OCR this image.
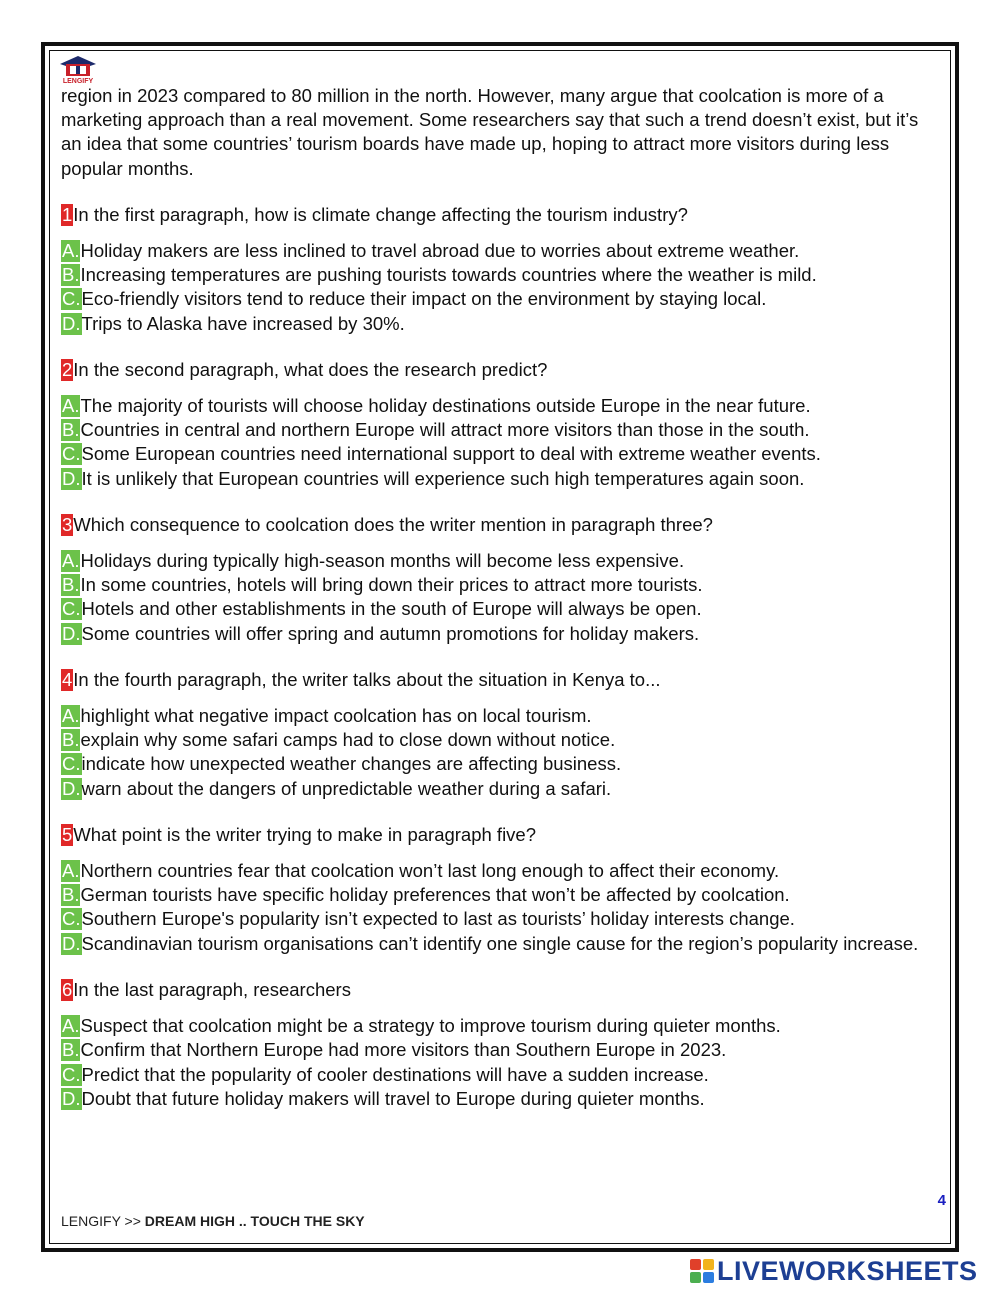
LENGIFY

region in 2023 compared to 80 million in the north. However, many argue that coolcation is more of a marketing approach than a real movement. Some researchers say that such a trend doesn’t exist, but it’s an idea that some countries’ tourism boards have made up, hoping to attract more visitors during less popular months.

1In the first paragraph, how is climate change affecting the tourism industry?

A.Holiday makers are less inclined to travel abroad due to worries about extreme weather.

B.Increasing temperatures are pushing tourists towards countries where the weather is mild.

C.Eco-friendly visitors tend to reduce their impact on the environment by staying local.

D.Trips to Alaska have increased by 30%.

2In the second paragraph, what does the research predict?

A.The majority of tourists will choose holiday destinations outside Europe in the near future.

B.Countries in central and northern Europe will attract more visitors than those in the south.

C.Some European countries need international support to deal with extreme weather events.

D.It is unlikely that European countries will experience such high temperatures again soon.

3Which consequence to coolcation does the writer mention in paragraph three?

A.Holidays during typically high-season months will become less expensive.

B.In some countries, hotels will bring down their prices to attract more tourists.

C.Hotels and other establishments in the south of Europe will always be open.

D.Some countries will offer spring and autumn promotions for holiday makers.

4In the fourth paragraph, the writer talks about the situation in Kenya to...

A.highlight what negative impact coolcation has on local tourism.

B.explain why some safari camps had to close down without notice.

C.indicate how unexpected weather changes are affecting business.

D.warn about the dangers of unpredictable weather during a safari.

5What point is the writer trying to make in paragraph five?

A.Northern countries fear that coolcation won’t last long enough to affect their economy.

B.German tourists have specific holiday preferences that won’t be affected by coolcation.

C.Southern Europe's popularity isn’t expected to last as tourists’ holiday interests change.

D.Scandinavian tourism organisations can’t identify one single cause for the region’s popularity increase.

6In the last paragraph, researchers

A.Suspect that coolcation might be a strategy to improve tourism during quieter months.

B.Confirm that Northern Europe had more visitors than Southern Europe in 2023.

C.Predict that the popularity of cooler destinations will have a sudden increase.

D.Doubt that future holiday makers will travel to Europe during quieter months.

4
LENGIFY >> DREAM HIGH .. TOUCH THE SKY
LIVEWORKSHEETS
